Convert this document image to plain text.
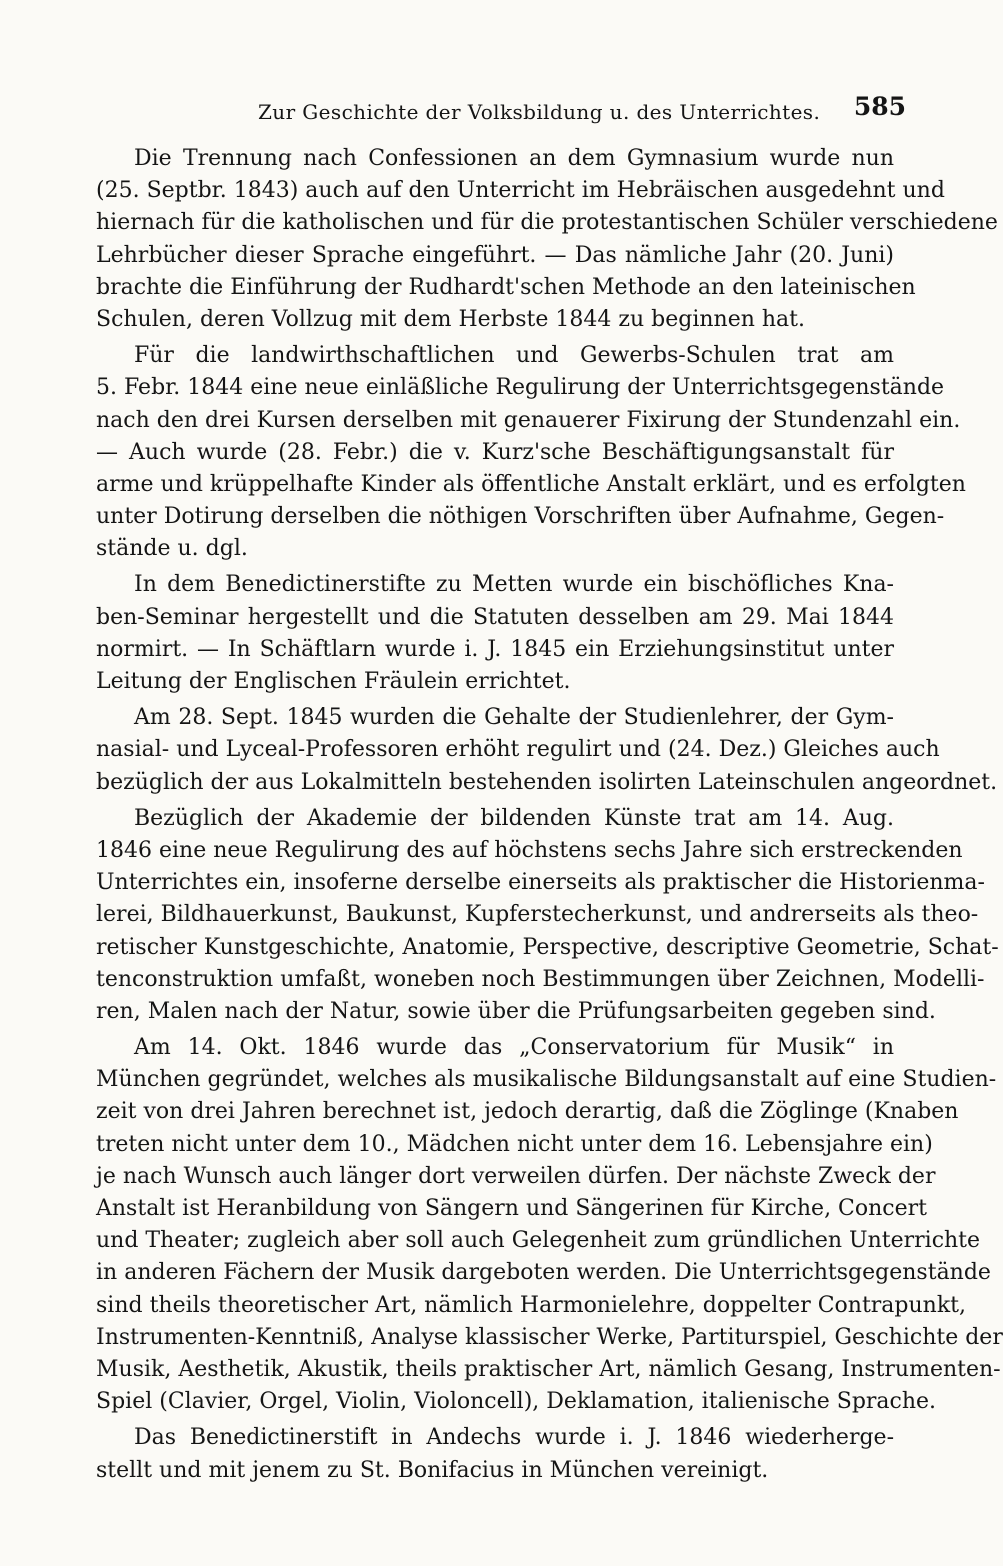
Zur Geschichte der Volksbildung u. des Unterrichtes. 585
Die Trennung nach Confessionen an dem Gymnasium wurde nun
(25. Septbr. 1843) auch auf den Unterricht im Hebräischen ausgedehnt und
hiernach für die katholischen und für die protestantischen Schüler verschiedene
Lehrbücher dieser Sprache eingeführt. — Das nämliche Jahr (20. Juni)
brachte die Einführung der Rudhardt'schen Methode an den lateinischen
Schulen, deren Vollzug mit dem Herbste 1844 zu beginnen hat.
Für die landwirthschaftlichen und Gewerbs-Schulen trat am
5. Febr. 1844 eine neue einläßliche Regulirung der Unterrichtsgegenstände
nach den drei Kursen derselben mit genauerer Fixirung der Stundenzahl ein.
— Auch wurde (28. Febr.) die v. Kurz'sche Beschäftigungsanstalt für
arme und krüppelhafte Kinder als öffentliche Anstalt erklärt, und es erfolgten
unter Dotirung derselben die nöthigen Vorschriften über Aufnahme, Gegen-
stände u. dgl.
In dem Benedictinerstifte zu Metten wurde ein bischöfliches Kna-
ben-Seminar hergestellt und die Statuten desselben am 29. Mai 1844
normirt. — In Schäftlarn wurde i. J. 1845 ein Erziehungsinstitut unter
Leitung der Englischen Fräulein errichtet.
Am 28. Sept. 1845 wurden die Gehalte der Studienlehrer, der Gym-
nasial- und Lyceal-Professoren erhöht regulirt und (24. Dez.) Gleiches auch
bezüglich der aus Lokalmitteln bestehenden isolirten Lateinschulen angeordnet.
Bezüglich der Akademie der bildenden Künste trat am 14. Aug.
1846 eine neue Regulirung des auf höchstens sechs Jahre sich erstreckenden
Unterrichtes ein, insoferne derselbe einerseits als praktischer die Historienma-
lerei, Bildhauerkunst, Baukunst, Kupferstecherkunst, und andrerseits als theo-
retischer Kunstgeschichte, Anatomie, Perspective, descriptive Geometrie, Schat-
tenconstruktion umfaßt, woneben noch Bestimmungen über Zeichnen, Modelli-
ren, Malen nach der Natur, sowie über die Prüfungsarbeiten gegeben sind.
Am 14. Okt. 1846 wurde das „Conservatorium für Musik“ in
München gegründet, welches als musikalische Bildungsanstalt auf eine Studien-
zeit von drei Jahren berechnet ist, jedoch derartig, daß die Zöglinge (Knaben
treten nicht unter dem 10., Mädchen nicht unter dem 16. Lebensjahre ein)
je nach Wunsch auch länger dort verweilen dürfen. Der nächste Zweck der
Anstalt ist Heranbildung von Sängern und Sängerinen für Kirche, Concert
und Theater; zugleich aber soll auch Gelegenheit zum gründlichen Unterrichte
in anderen Fächern der Musik dargeboten werden. Die Unterrichtsgegenstände
sind theils theoretischer Art, nämlich Harmonielehre, doppelter Contrapunkt,
Instrumenten-Kenntniß, Analyse klassischer Werke, Partiturspiel, Geschichte der
Musik, Aesthetik, Akustik, theils praktischer Art, nämlich Gesang, Instrumenten-
Spiel (Clavier, Orgel, Violin, Violoncell), Deklamation, italienische Sprache.
Das Benedictinerstift in Andechs wurde i. J. 1846 wiederherge-
stellt und mit jenem zu St. Bonifacius in München vereinigt.
